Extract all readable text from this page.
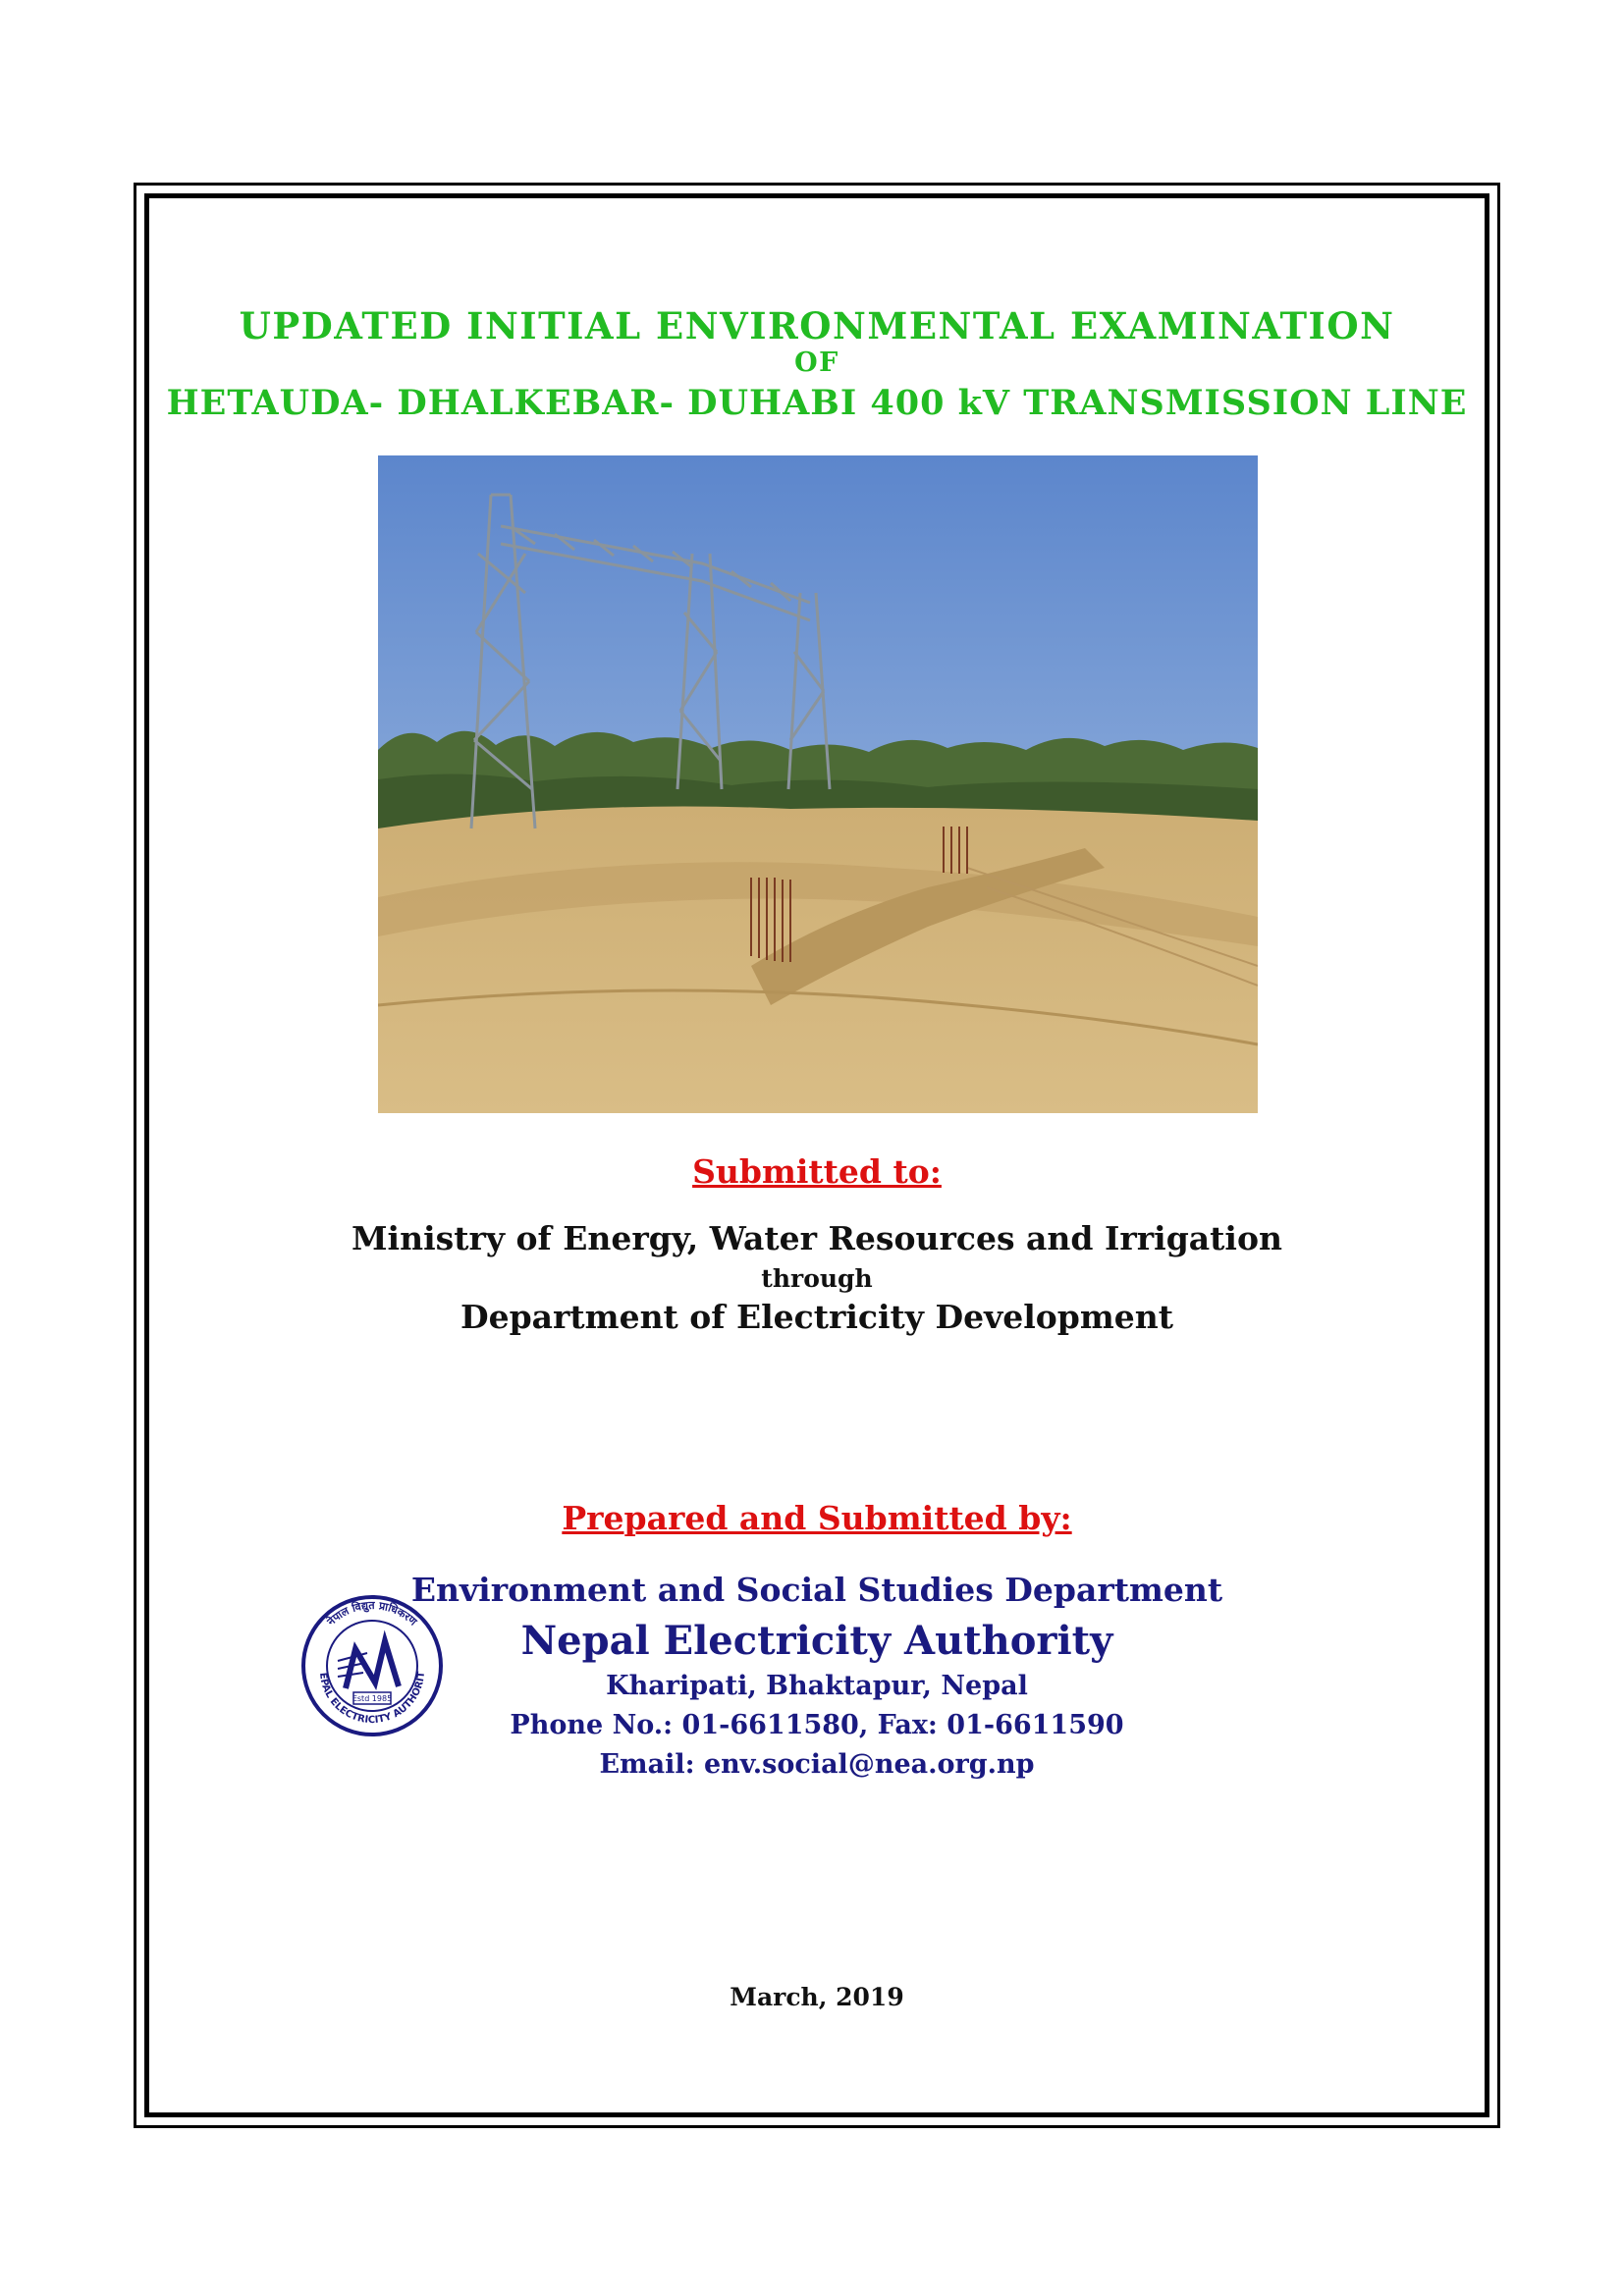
UPDATED INITIAL ENVIRONMENTAL EXAMINATION
OF
HETAUDA- DHALKEBAR- DUHABI 400 kV TRANSMISSION LINE
Submitted to:
Ministry of Energy, Water Resources and Irrigation
through
Department of Electricity Development
Prepared and Submitted by:
Environment and Social Studies Department
Nepal Electricity Authority
Kharipati, Bhaktapur, Nepal
Phone No.: 01-6611580, Fax: 01-6611590
Email: env.social@nea.org.np
Estd 1985
नेपाल विद्युत प्राधिकरण
EPAL ELECTRICITY AUTHORIT
March, 2019
